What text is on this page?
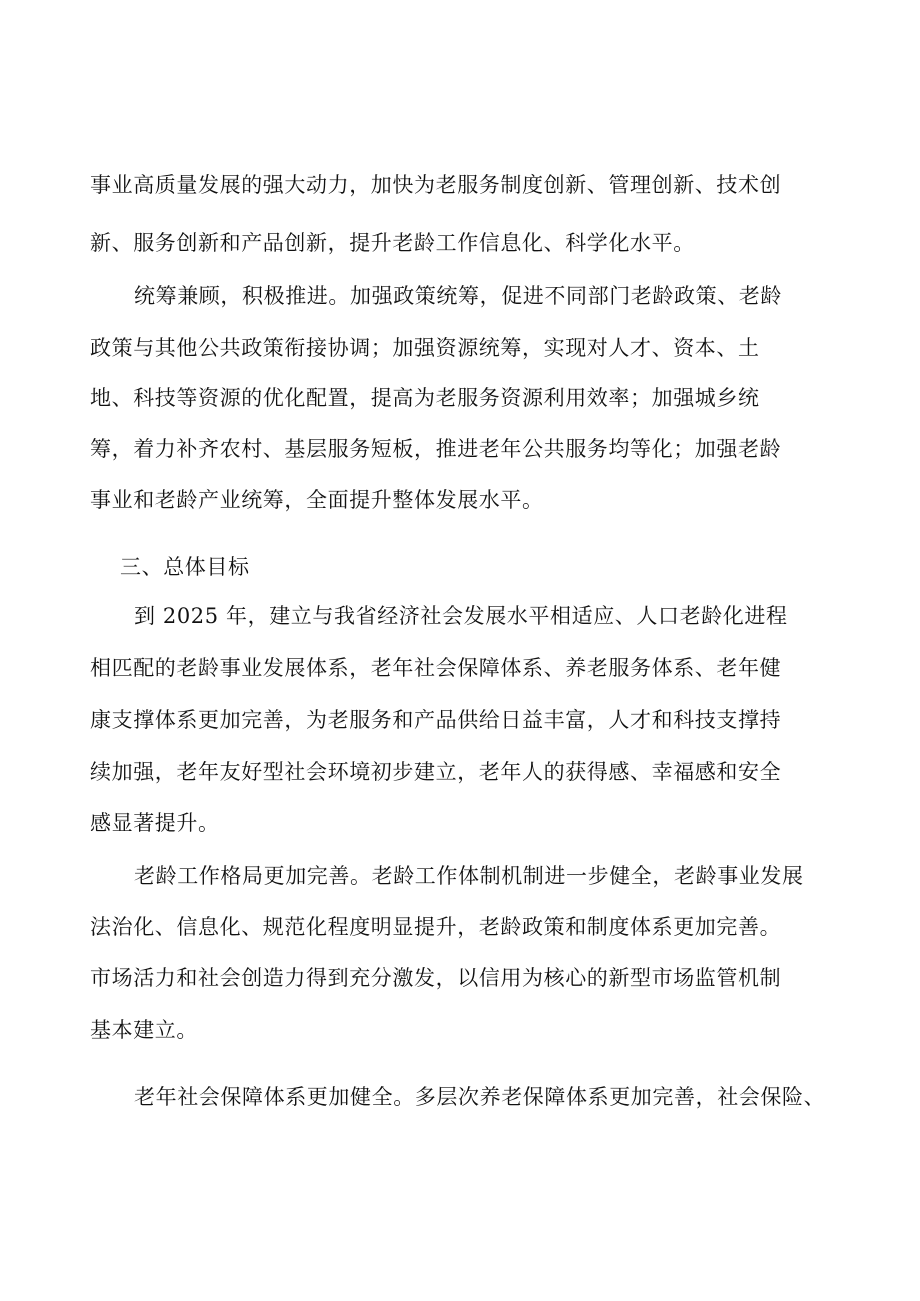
事业高质量发展的强大动力，加快为老服务制度创新、管理创新、技术创
新、服务创新和产品创新，提升老龄工作信息化、科学化水平。
统筹兼顾，积极推进。加强政策统筹，促进不同部门老龄政策、老龄
政策与其他公共政策衔接协调；加强资源统筹，实现对人才、资本、土
地、科技等资源的优化配置，提高为老服务资源利用效率；加强城乡统
筹，着力补齐农村、基层服务短板，推进老年公共服务均等化；加强老龄
事业和老龄产业统筹，全面提升整体发展水平。
三、总体目标
到 2025 年，建立与我省经济社会发展水平相适应、人口老龄化进程
相匹配的老龄事业发展体系，老年社会保障体系、养老服务体系、老年健
康支撑体系更加完善，为老服务和产品供给日益丰富，人才和科技支撑持
续加强，老年友好型社会环境初步建立，老年人的获得感、幸福感和安全
感显著提升。
老龄工作格局更加完善。老龄工作体制机制进一步健全，老龄事业发展
法治化、信息化、规范化程度明显提升，老龄政策和制度体系更加完善。
市场活力和社会创造力得到充分激发，以信用为核心的新型市场监管机制
基本建立。
老年社会保障体系更加健全。多层次养老保障体系更加完善，社会保险、
